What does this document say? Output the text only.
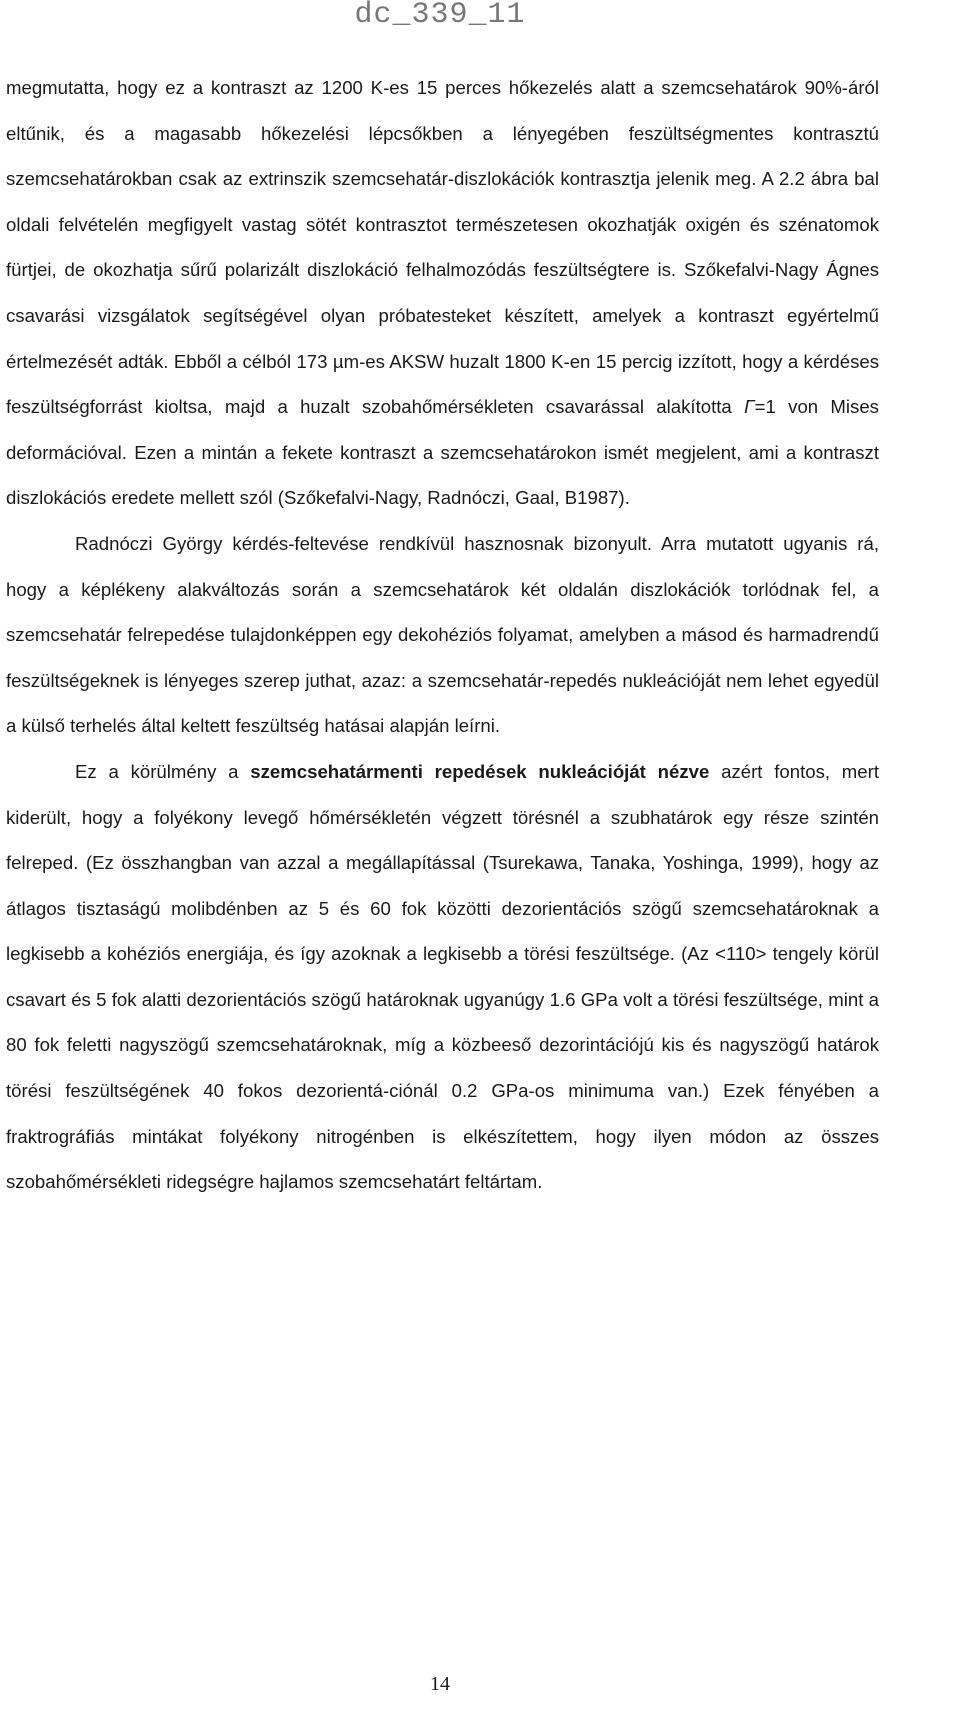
dc_339_11

megmutatta, hogy ez a kontraszt az 1200 K-es 15 perces hőkezelés alatt a szemcsehatárok 90%-áról eltűnik, és a magasabb hőkezelési lépcsőkben a lényegében feszültségmentes kontrasztú szemcsehatárokban csak az extrinszik szemcsehatár-diszlokációk kontrasztja jelenik meg. A 2.2 ábra bal oldali felvételén megfigyelt vastag sötét kontrasztot természetesen okozhatják oxigén és szénatomok fürtjei, de okozhatja sűrű polarizált diszlokáció felhalmozódás feszültségtere is. Szőkefalvi-Nagy Ágnes csavarási vizsgálatok segítségével olyan próbatesteket készített, amelyek a kontraszt egyértelmű értelmezését adták. Ebből a célból 173 µm-es AKSW huzalt 1800 K-en 15 percig izzított, hogy a kérdéses feszültségforrást kioltsa, majd a huzalt szobahőmérsékleten csavarással alakította Γ=1 von Mises deformációval. Ezen a mintán a fekete kontraszt a szemcsehatárokon ismét megjelent, ami a kontraszt diszlokációs eredete mellett szól (Szőkefalvi-Nagy, Radnóczi, Gaal, B1987).

Radnóczi György kérdés-feltevése rendkívül hasznosnak bizonyult. Arra mutatott ugyanis rá, hogy a képlékeny alakváltozás során a szemcsehatárok két oldalán diszlokációk torlódnak fel, a szemcsehatár felrepedése tulajdonképpen egy dekohéziós folyamat, amelyben a másod és harmadrendű feszültségeknek is lényeges szerep juthat, azaz: a szemcsehatár-repedés nukleációját nem lehet egyedül a külső terhelés által keltett feszültség hatásai alapján leírni.

Ez a körülmény a szemcsehatármenti repedések nukleációját nézve azért fontos, mert kiderült, hogy a folyékony levegő hőmérsékletén végzett törésnél a szubhatárok egy része szintén felreped. (Ez összhangban van azzal a megállapítással (Tsurekawa, Tanaka, Yoshinga, 1999), hogy az átlagos tisztaságú molibdénben az 5 és 60 fok közötti dezorientációs szögű szemcsehatároknak a legkisebb a kohéziós energiája, és így azoknak a legkisebb a törési feszültsége. (Az <110> tengely körül csavart és 5 fok alatti dezorientációs szögű határoknak ugyanúgy 1.6 GPa volt a törési feszültsége, mint a 80 fok feletti nagyszögű szemcsehatároknak, míg a közbeeső dezorintációjú kis és nagyszögű határok törési feszültségének 40 fokos dezorientá-ciónál 0.2 GPa-os minimuma van.) Ezek fényében a fraktrográfiás mintákat folyékony nitrogénben is elkészítettem, hogy ilyen módon az összes szobahőmérsékleti ridegségre hajlamos szemcsehatárt feltártam.

14
